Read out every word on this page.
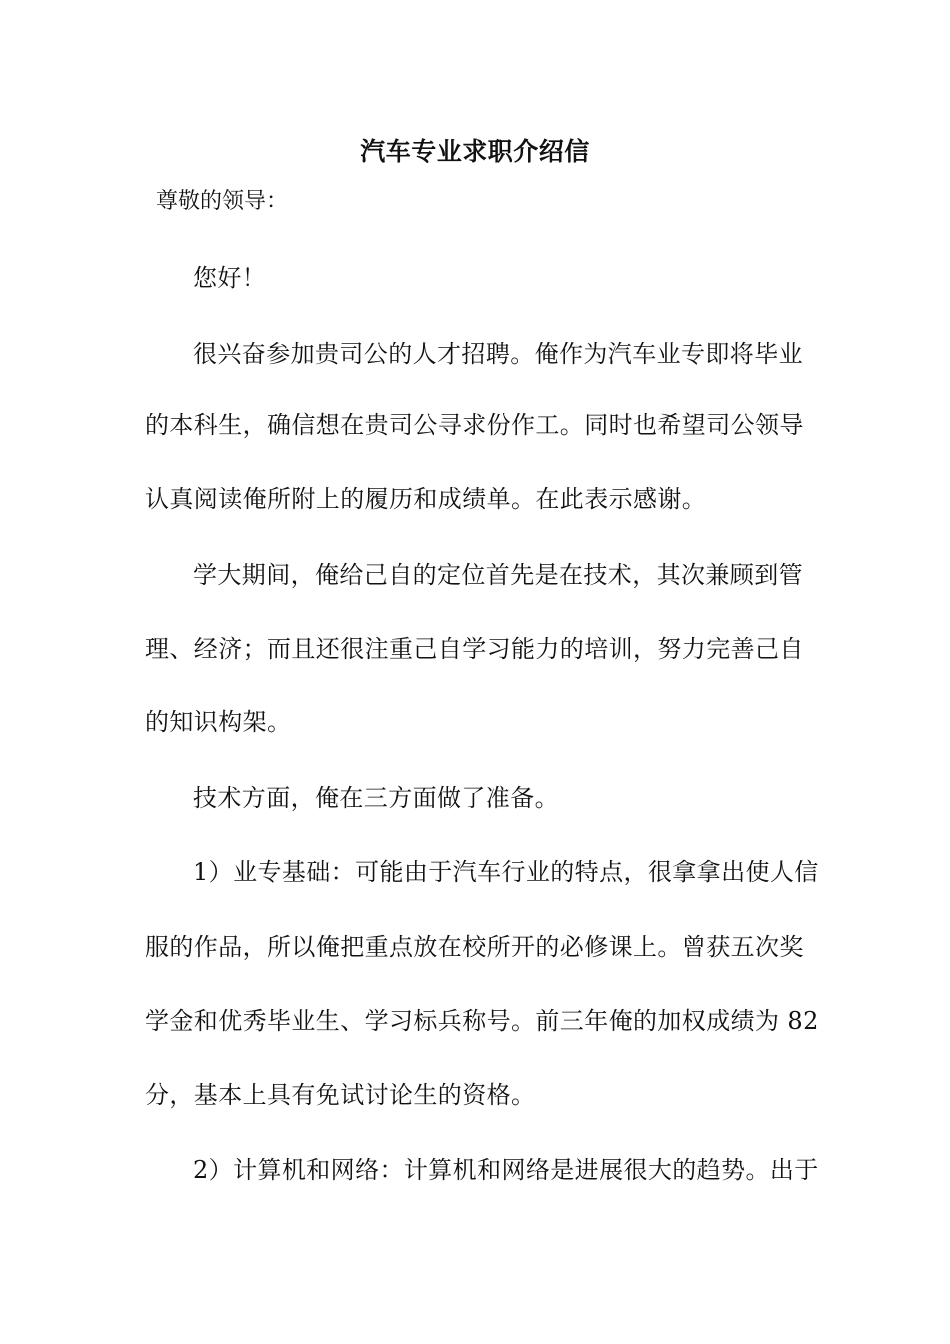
汽车专业求职介绍信
尊敬的领导：
您好！
很兴奋参加贵司公的人才招聘。俺作为汽车业专即将毕业
的本科生，确信想在贵司公寻求份作工。同时也希望司公领导
认真阅读俺所附上的履历和成绩单。在此表示感谢。
学大期间，俺给己自的定位首先是在技术，其次兼顾到管
理、经济；而且还很注重己自学习能力的培训，努力完善己自
的知识构架。
技术方面，俺在三方面做了准备。
1）业专基础：可能由于汽车行业的特点，很拿拿出使人信
服的作品，所以俺把重点放在校所开的必修课上。曾获五次奖
学金和优秀毕业生、学习标兵称号。前三年俺的加权成绩为 82
分，基本上具有免试讨论生的资格。
2）计算机和网络：计算机和网络是进展很大的趋势。出于
